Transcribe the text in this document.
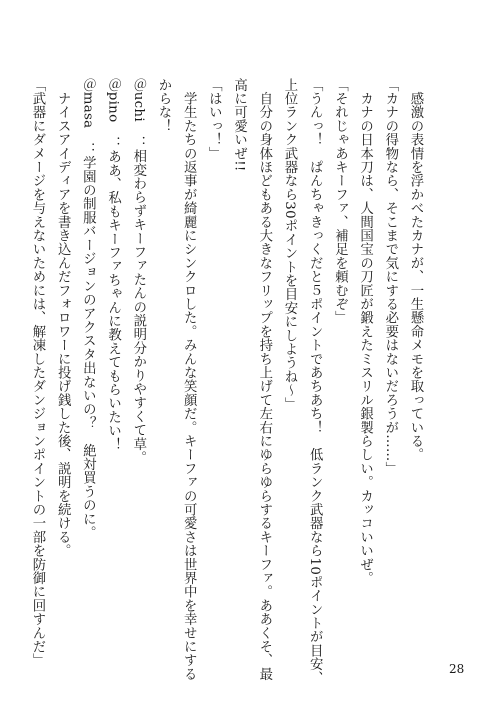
　感激の表情を浮かべたカナが、一生懸命メモを取っている。
「カナの得物なら、そこまで気にする必要はないだろうが……」
　カナの日本刀は、人間国宝の刀匠が鍛えたミスリル銀製らしい。カッコいいぜ。
「それじゃあキーファ、補足を頼むぞ」
「うんっ！　ぱんちゃきっくだと５ポイントであちあち！　低ランク武器なら10ポイントが目安、
上位ランク武器なら30ポイントを目安にしようね～」
　自分の身体ほどもある大きなフリップを持ち上げて左右にゆらゆらするキーファ。ああくそ、最
高に可愛いぜ!!
「はいっ！」
　学生たちの返事が綺麗にシンクロした。みんな笑顔だ。キーファの可愛さは世界中を幸せにする
からな！
＠uchi　：相変わらずキーファたんの説明分かりやすくて草。
＠pino　：ああ、私もキーファちゃんに教えてもらいたい！
＠masa　：学園の制服バージョンのアクスタ出ないの？　絶対買うのに。
　ナイスアイディアを書き込んだフォロワーに投げ銭した後、説明を続ける。
「武器にダメージを与えないためには、解凍したダンジョンポイントの一部を防御に回すんだ」
28
